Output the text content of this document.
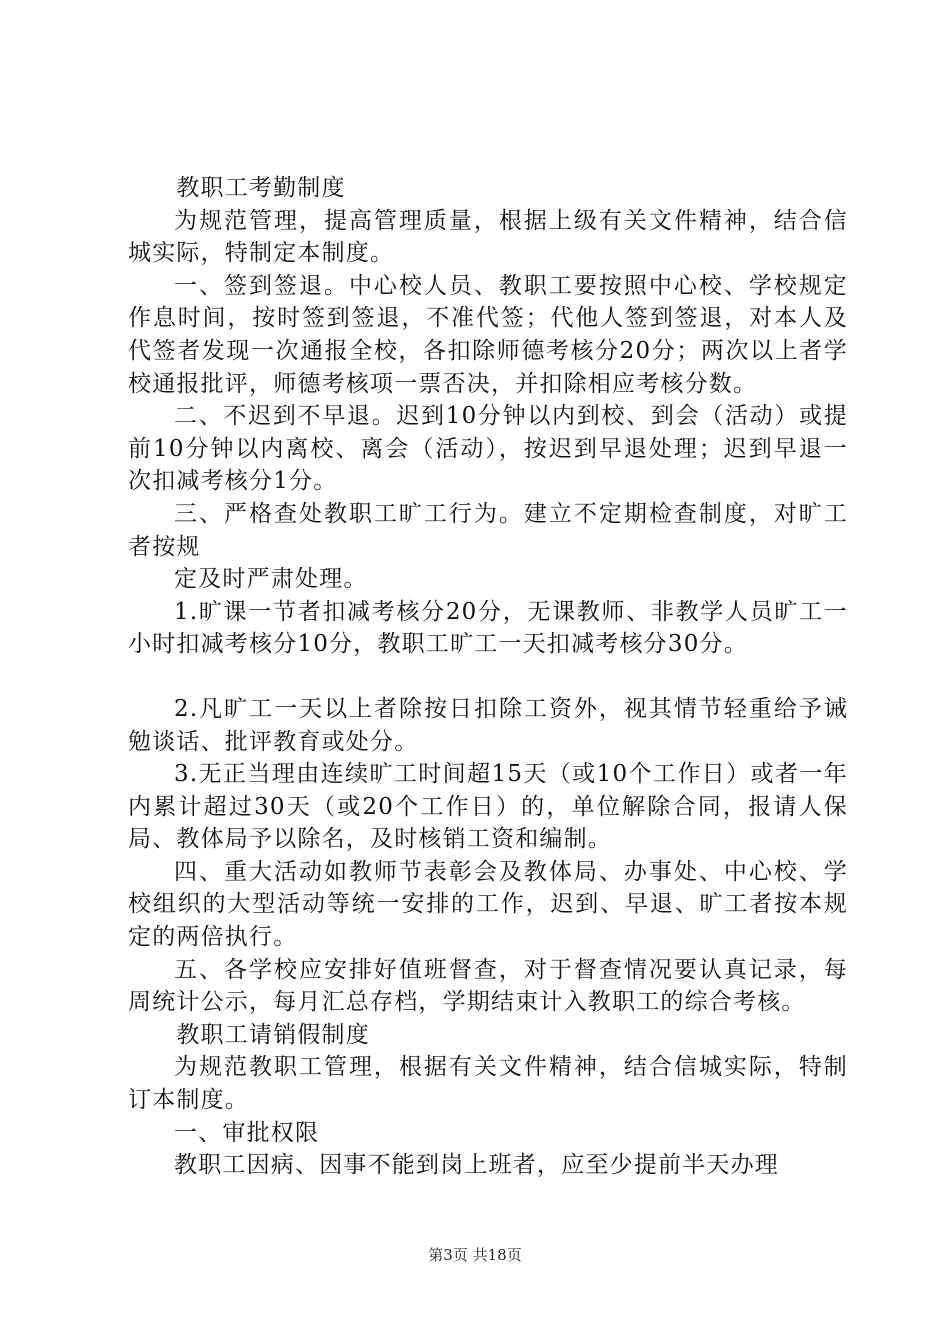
教职工考勤制度

为规范管理，提高管理质量，根据上级有关文件精神，结合信城实际，特制定本制度。

一、签到签退。中心校人员、教职工要按照中心校、学校规定作息时间，按时签到签退，不准代签；代他人签到签退，对本人及代签者发现一次通报全校，各扣除师德考核分20分；两次以上者学校通报批评，师德考核项一票否决，并扣除相应考核分数。

二、不迟到不早退。迟到10分钟以内到校、到会（活动）或提前10分钟以内离校、离会（活动），按迟到早退处理；迟到早退一次扣减考核分1分。

三、严格查处教职工旷工行为。建立不定期检查制度，对旷工者按规

定及时严肃处理。

1.旷课一节者扣减考核分20分，无课教师、非教学人员旷工一小时扣减考核分10分，教职工旷工一天扣减考核分30分。

2.凡旷工一天以上者除按日扣除工资外，视其情节轻重给予诫勉谈话、批评教育或处分。

3.无正当理由连续旷工时间超15天（或10个工作日）或者一年内累计超过30天（或20个工作日）的，单位解除合同，报请人保局、教体局予以除名，及时核销工资和编制。

四、重大活动如教师节表彰会及教体局、办事处、中心校、学校组织的大型活动等统一安排的工作，迟到、早退、旷工者按本规定的两倍执行。

五、各学校应安排好值班督查，对于督查情况要认真记录，每周统计公示，每月汇总存档，学期结束计入教职工的综合考核。

教职工请销假制度

为规范教职工管理，根据有关文件精神，结合信城实际，特制订本制度。

一、审批权限

教职工因病、因事不能到岗上班者，应至少提前半天办理

第3页 共18页
